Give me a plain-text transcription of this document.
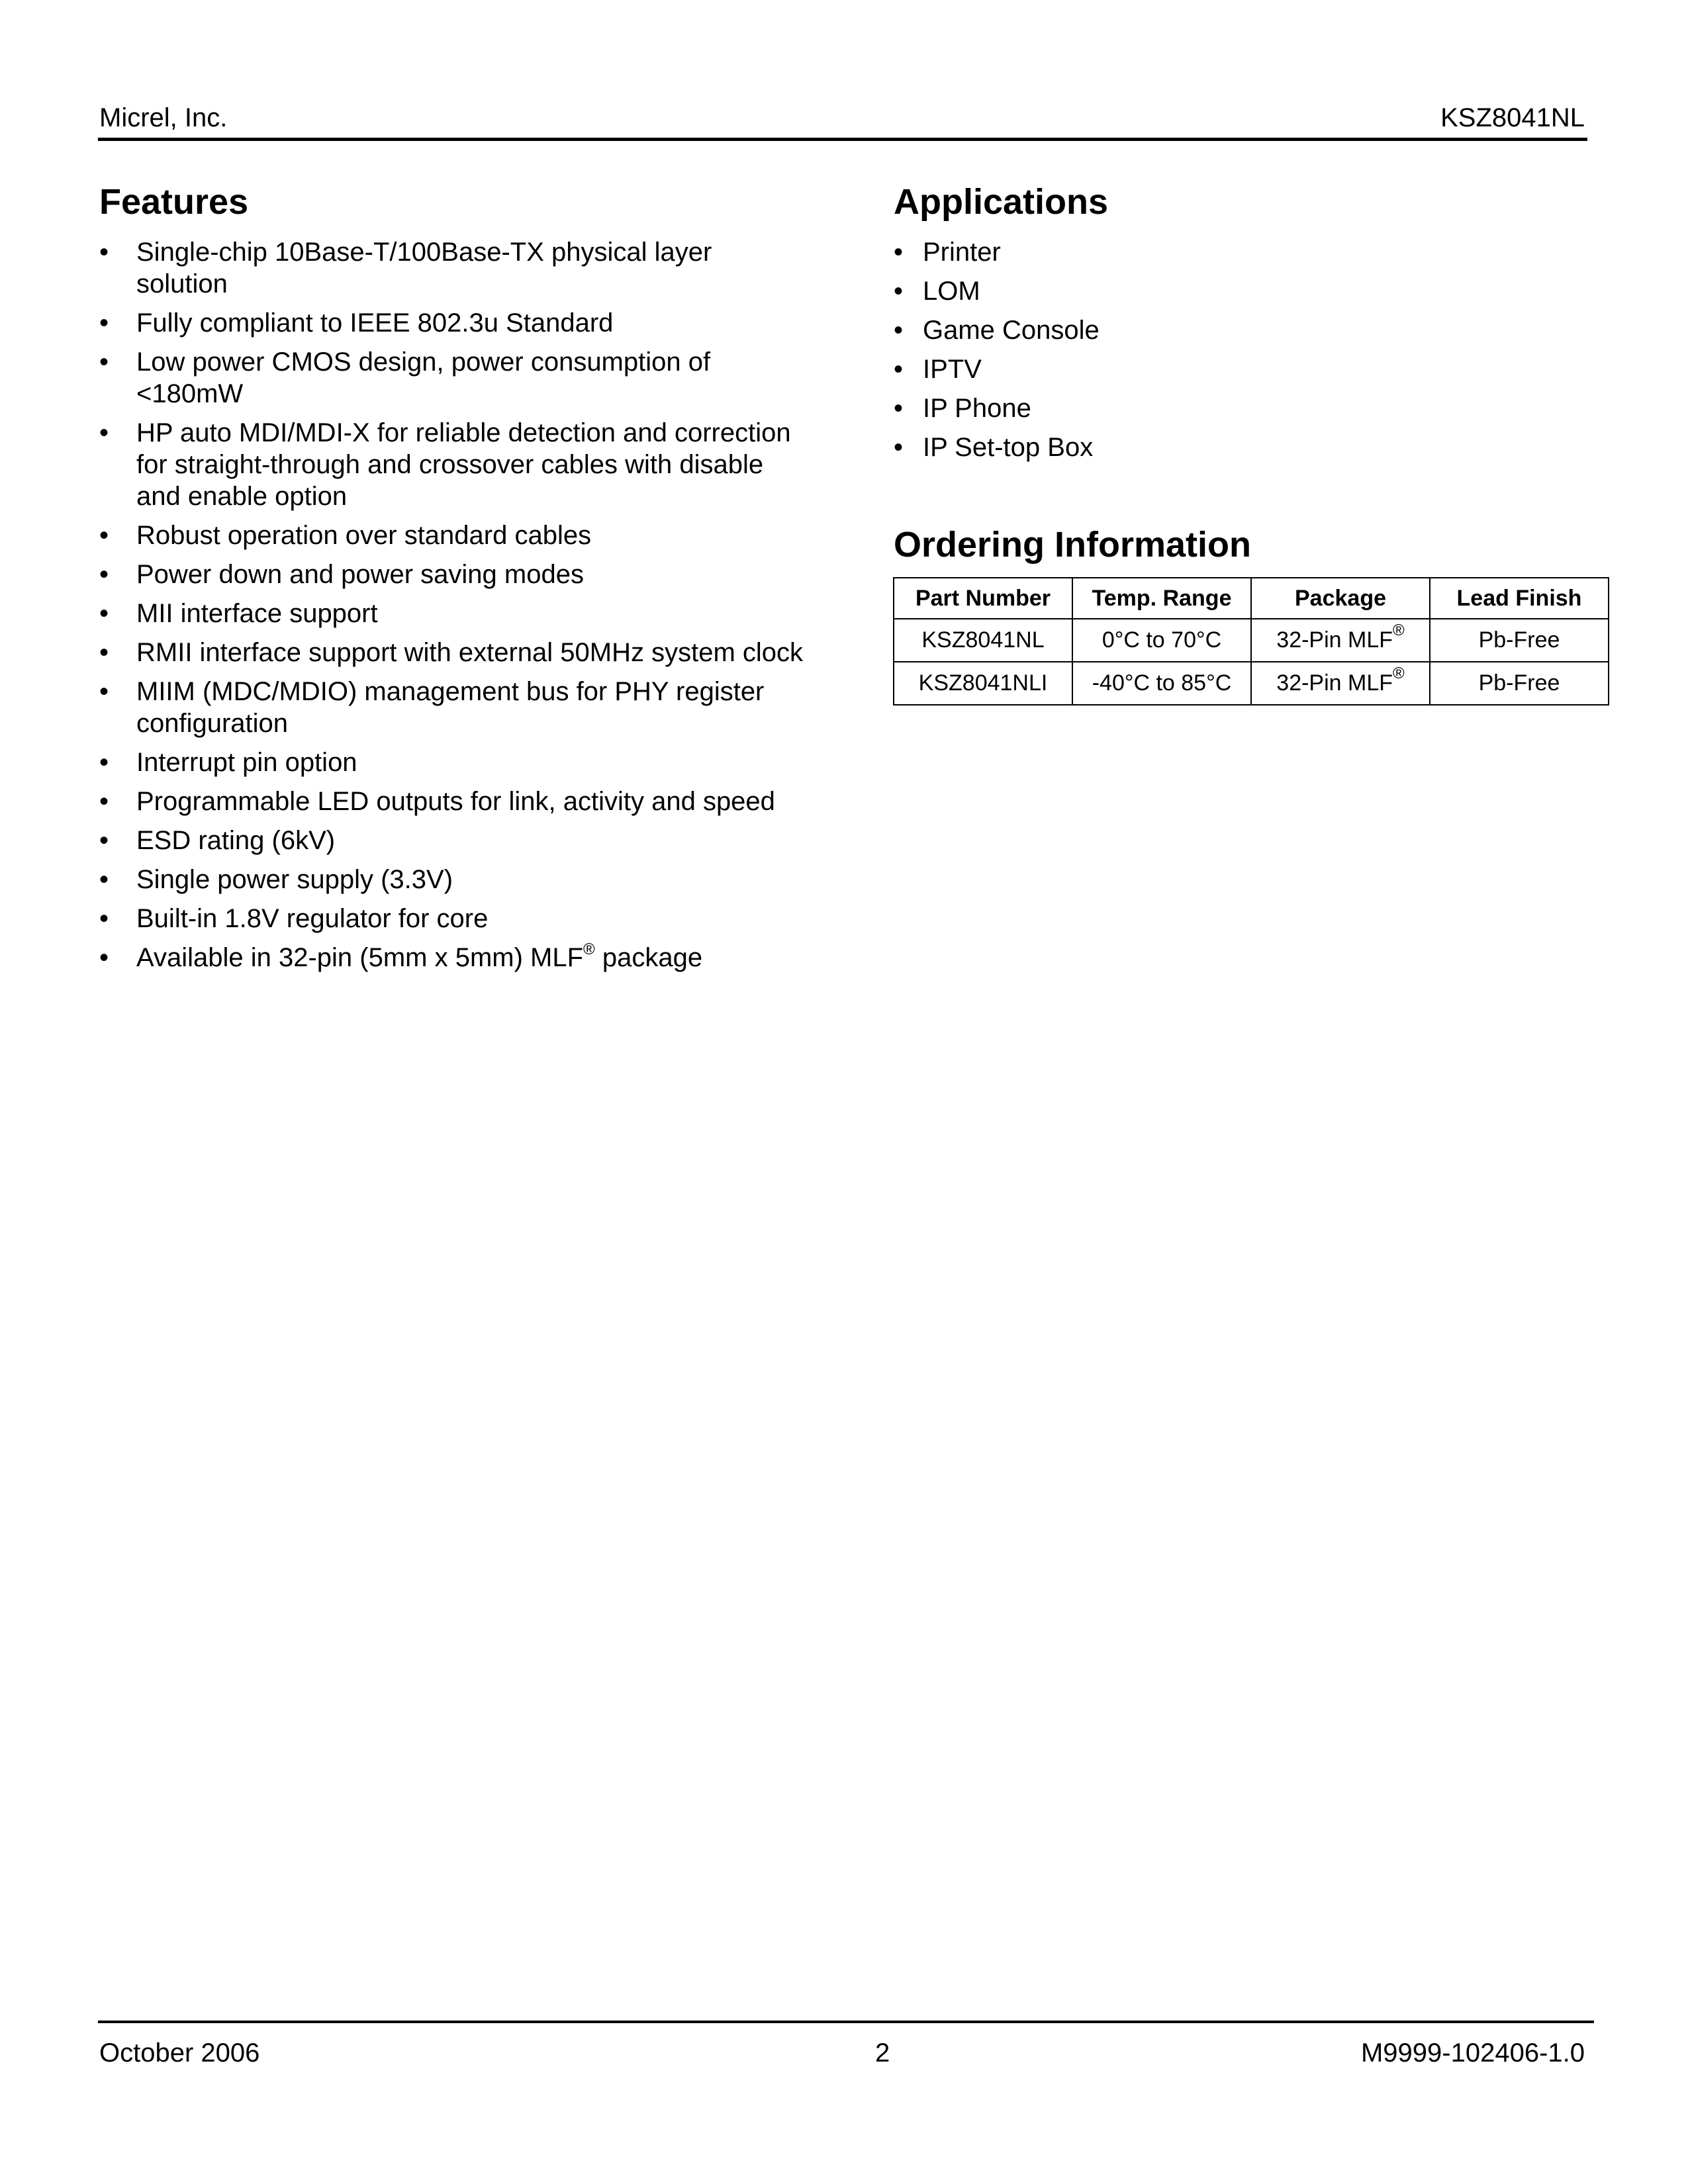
Micrel, Inc.	KSZ8041NL
Features
• Single-chip 10Base-T/100Base-TX physical layer solution
• Fully compliant to IEEE 802.3u Standard
• Low power CMOS design, power consumption of <180mW
• HP auto MDI/MDI-X for reliable detection and correction for straight-through and crossover cables with disable and enable option
• Robust operation over standard cables
• Power down and power saving modes
• MII interface support
• RMII interface support with external 50MHz system clock
• MIIM (MDC/MDIO) management bus for PHY register configuration
• Interrupt pin option
• Programmable LED outputs for link, activity and speed
• ESD rating (6kV)
• Single power supply (3.3V)
• Built-in 1.8V regulator for core
• Available in 32-pin (5mm x 5mm) MLF® package
Applications
• Printer
• LOM
• Game Console
• IPTV
• IP Phone
• IP Set-top Box
Ordering Information
Part Number	Temp. Range	Package	Lead Finish
KSZ8041NL	0°C to 70°C	32-Pin MLF®	Pb-Free
KSZ8041NLI	-40°C to 85°C	32-Pin MLF®	Pb-Free
October 2006	2	M9999-102406-1.0
